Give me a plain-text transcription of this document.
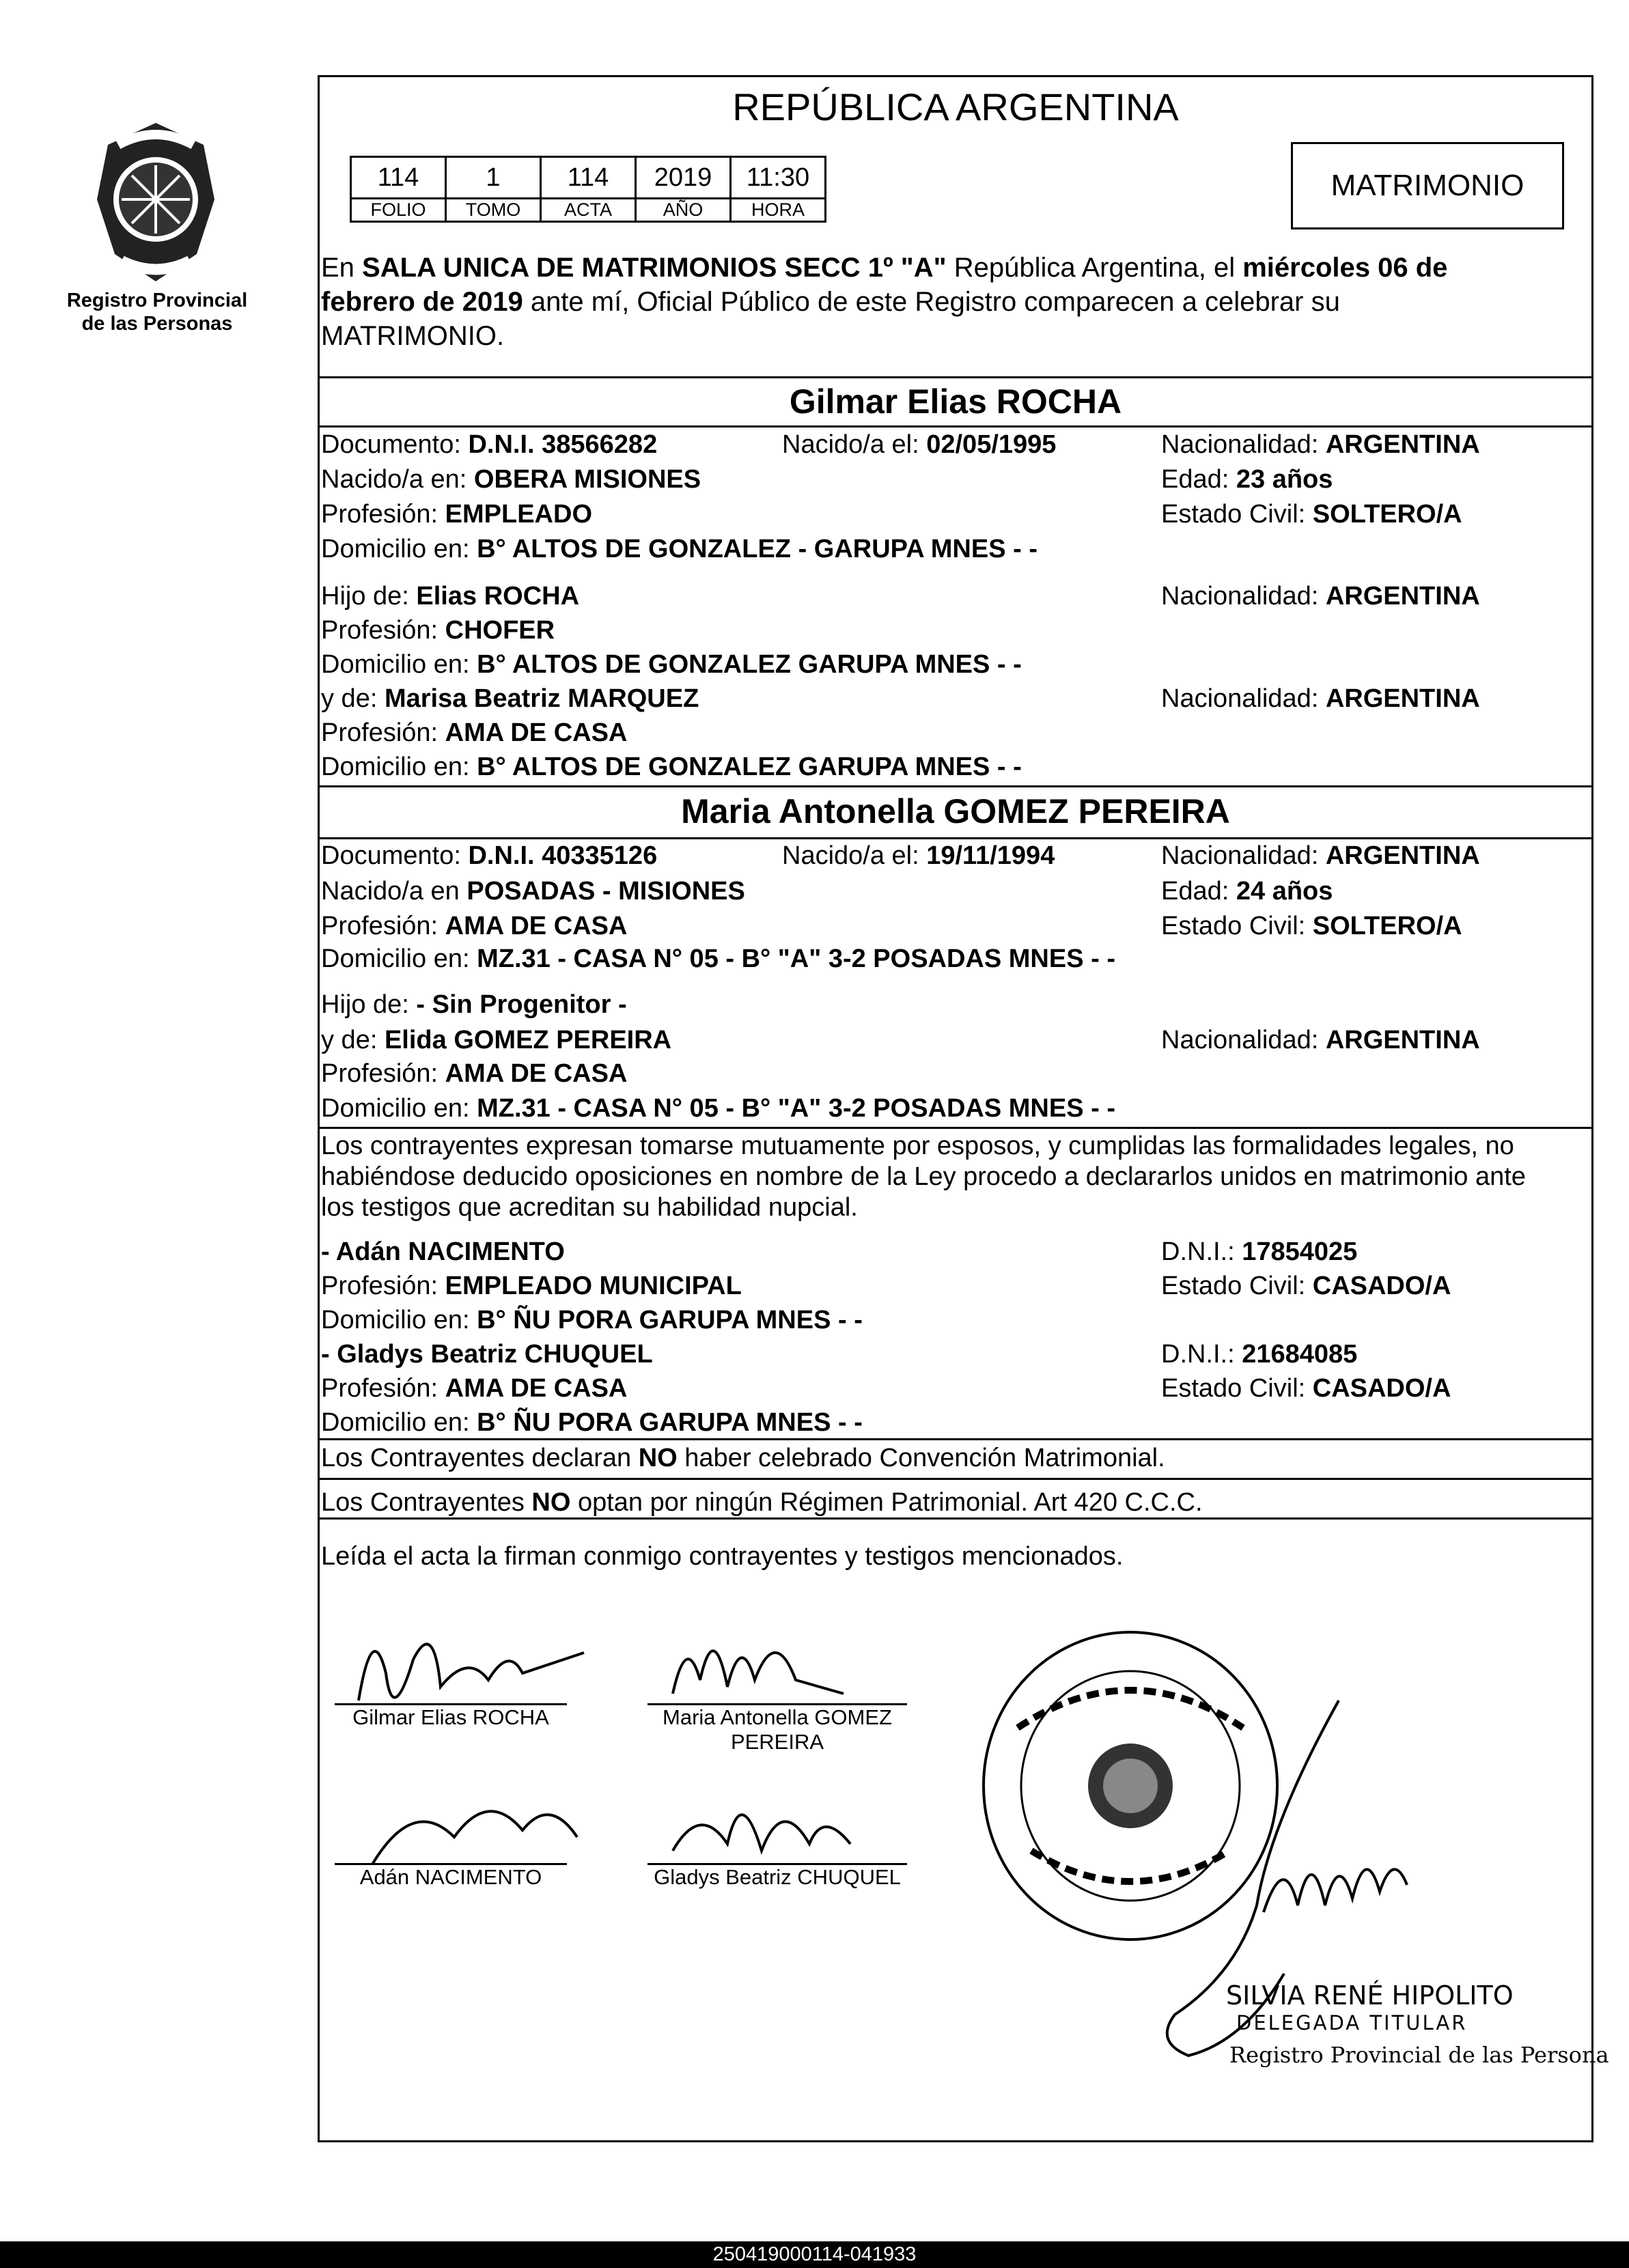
Registro Provincial
de las Personas
REPÚBLICA ARGENTINA
114	1	114	2019	11:30
FOLIO	TOMO	ACTA	AÑO	HORA
MATRIMONIO
En SALA UNICA DE MATRIMONIOS SECC 1º "A" República Argentina, el miércoles 06 de
febrero de 2019 ante mí, Oficial Público de este Registro comparecen a celebrar su
MATRIMONIO.
Gilmar Elias ROCHA
Documento: D.N.I. 38566282	Nacido/a el: 02/05/1995	Nacionalidad: ARGENTINA
Nacido/a en: OBERA MISIONES	Edad: 23 años
Profesión: EMPLEADO	Estado Civil: SOLTERO/A
Domicilio en: B° ALTOS DE GONZALEZ - GARUPA MNES - -
Hijo de: Elias ROCHA	Nacionalidad: ARGENTINA
Profesión: CHOFER
Domicilio en: B° ALTOS DE GONZALEZ GARUPA MNES - -
y de: Marisa Beatriz MARQUEZ	Nacionalidad: ARGENTINA
Profesión: AMA DE CASA
Domicilio en: B° ALTOS DE GONZALEZ GARUPA MNES - -
Maria Antonella GOMEZ PEREIRA
Documento: D.N.I. 40335126	Nacido/a el: 19/11/1994	Nacionalidad: ARGENTINA
Nacido/a en POSADAS - MISIONES	Edad: 24 años
Profesión: AMA DE CASA	Estado Civil: SOLTERO/A
Domicilio en: MZ.31 - CASA N° 05 - B° "A" 3-2 POSADAS MNES - -
Hijo de: - Sin Progenitor -
y de: Elida GOMEZ PEREIRA	Nacionalidad: ARGENTINA
Profesión: AMA DE CASA
Domicilio en: MZ.31 - CASA N° 05 - B° "A" 3-2 POSADAS MNES - -
Los contrayentes expresan tomarse mutuamente por esposos, y cumplidas las formalidades legales, no
habiéndose deducido oposiciones en nombre de la Ley procedo a declararlos unidos en matrimonio ante
los testigos que acreditan su habilidad nupcial.
- Adán NACIMENTO	D.N.I.: 17854025
Profesión: EMPLEADO MUNICIPAL	Estado Civil: CASADO/A
Domicilio en: B° ÑU PORA GARUPA MNES - -
- Gladys Beatriz CHUQUEL	D.N.I.: 21684085
Profesión: AMA DE CASA	Estado Civil: CASADO/A
Domicilio en: B° ÑU PORA GARUPA MNES - -
Los Contrayentes declaran NO haber celebrado Convención Matrimonial.
Los Contrayentes NO optan por ningún Régimen Patrimonial. Art 420 C.C.C.
Leída el acta la firman conmigo contrayentes y testigos mencionados.
Gilmar Elias ROCHA	Maria Antonella GOMEZ
PEREIRA
Adán NACIMENTO	Gladys Beatriz CHUQUEL
SILVIA RENÉ HIPOLITO
DELEGADA TITULAR
Registro Provincial de las Persona
250419000114-041933
